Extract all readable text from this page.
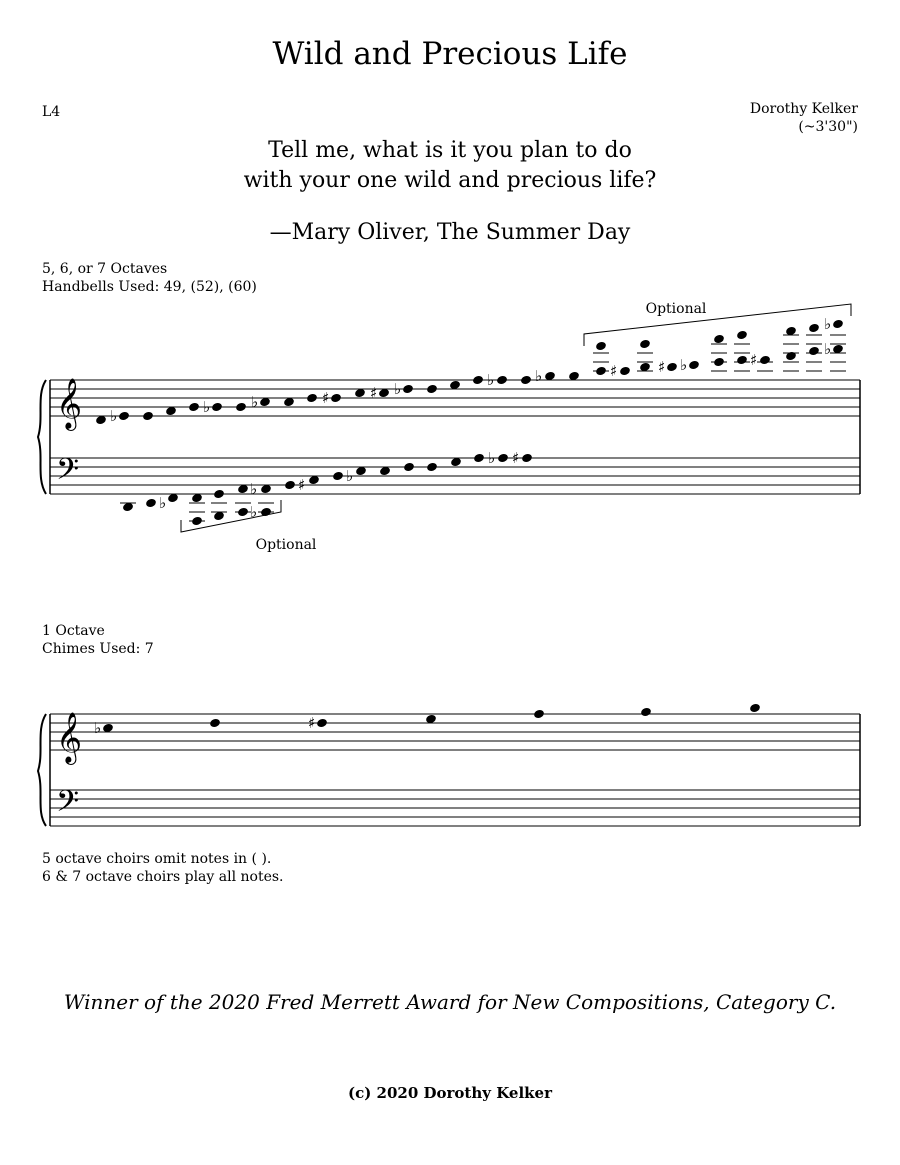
Wild and Precious Life
L4	Dorothy Kelker
(~3'30")
Tell me, what is it you plan to do
with your one wild and precious life?
—Mary Oliver, The Summer Day
5, 6, or 7 Octaves
Handbells Used: 49, (52), (60)
1 Octave
Chimes Used: 7
5 octave choirs omit notes in ( ).
6 & 7 octave choirs play all notes.
Winner of the 2020 Fred Merrett Award for New Compositions, Category C.
(c) 2020 Dorothy Kelker
𝄞
𝄢
Optional
Optional
♭	♭	♭	♯	♯ ♭	♭	♭	♯	♯ ♭	♯
♭
♭
♭
♭
♭
♯	♭
♭ ♯
𝄞
𝄢
♭	♯
